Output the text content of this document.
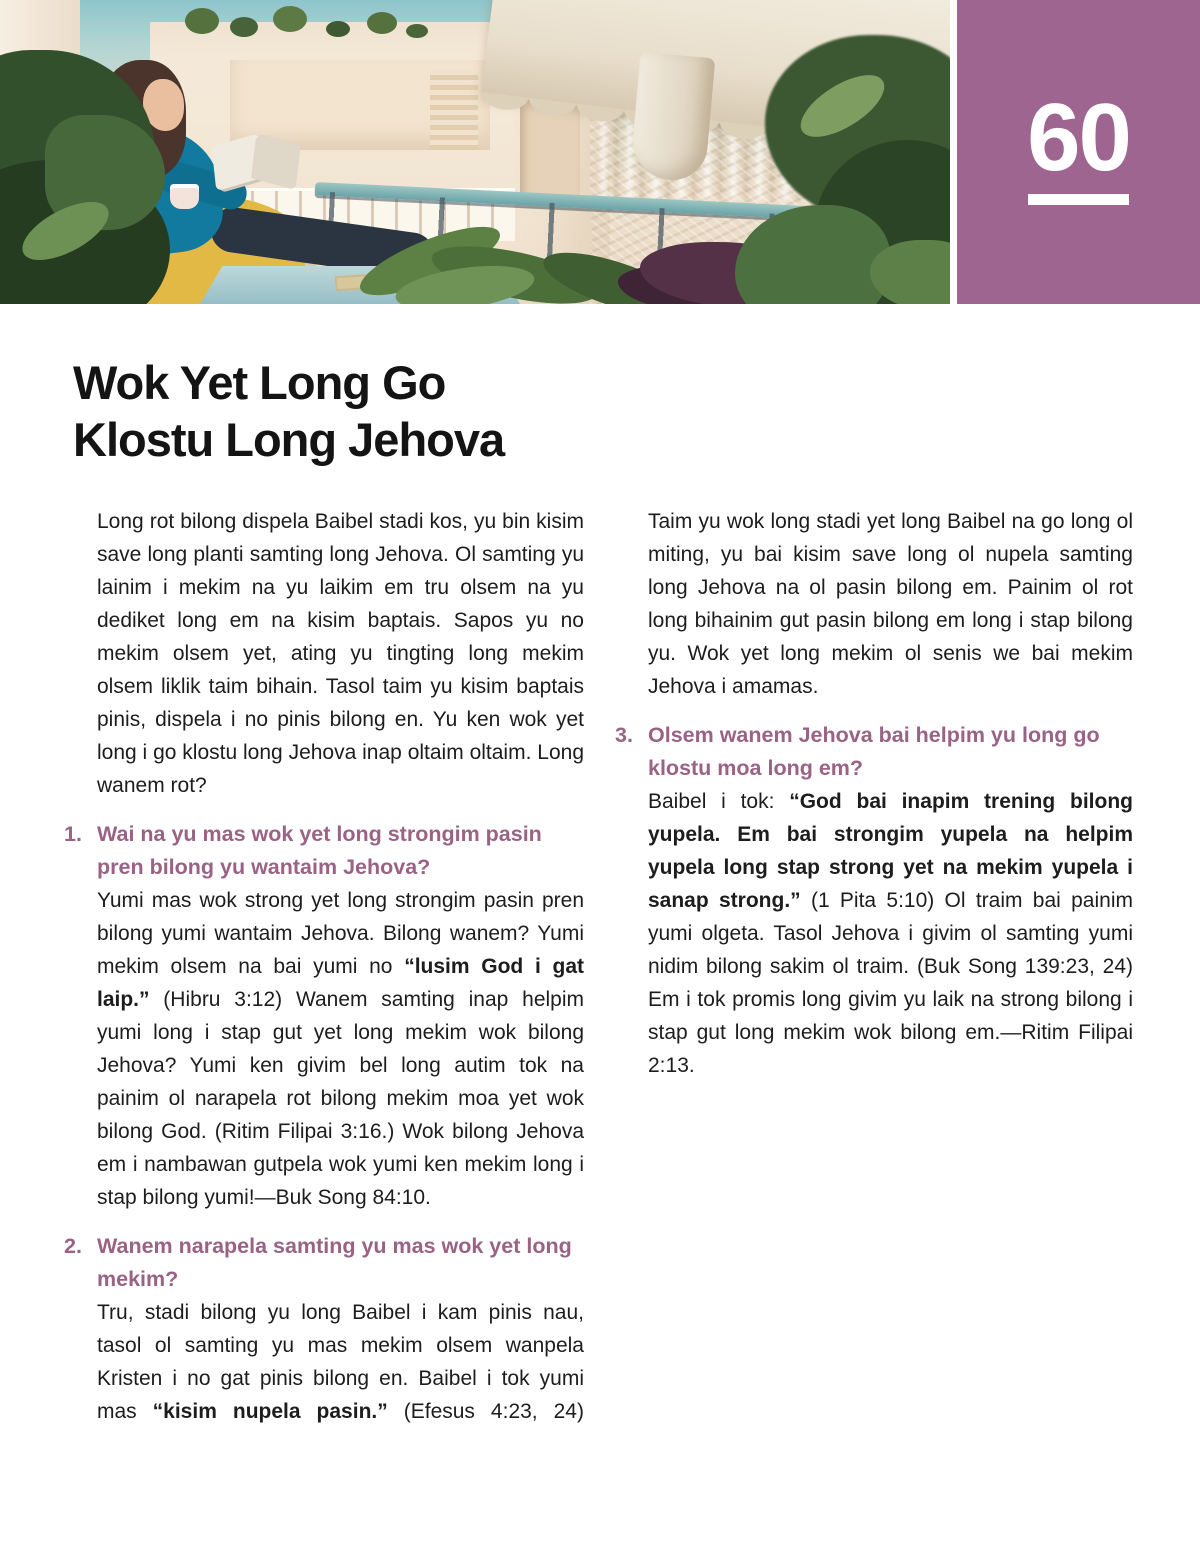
60
Wok Yet Long Go
Klostu Long Jehova

Long rot bilong dispela Baibel stadi kos, yu bin kisim save long planti samting long Jehova. Ol samting yu lainim i mekim na yu laikim em tru olsem na yu dediket long em na kisim baptais. Sapos yu no mekim olsem yet, ating yu tingting long mekim olsem liklik taim bihain. Tasol taim yu kisim baptais pinis, dispela i no pinis bilong en. Yu ken wok yet long i go klostu long Jehova inap oltaim oltaim. Long wanem rot?

1. Wai na yu mas wok yet long strongim pasin pren bilong yu wantaim Jehova?

Yumi mas wok strong yet long strongim pasin pren bilong yumi wantaim Jehova. Bilong wanem? Yumi mekim olsem na bai yumi no “lusim God i gat laip.” (Hibru 3:12) Wanem samting inap helpim yumi long i stap gut yet long mekim wok bilong Jehova? Yumi ken givim bel long autim tok na painim ol narapela rot bilong mekim moa yet wok bilong God. (Ritim Filipai 3:16.) Wok bilong Jehova em i nambawan gutpela wok yumi ken mekim long i stap bilong yumi!—Buk Song 84:10.

2. Wanem narapela samting yu mas wok yet long mekim?

Tru, stadi bilong yu long Baibel i kam pinis nau, tasol ol samting yu mas mekim olsem wanpela Kristen i no gat pinis bilong en. Baibel i tok yumi mas “kisim nupela pasin.” (Efesus 4:23, 24)

Taim yu wok long stadi yet long Baibel na go long ol miting, yu bai kisim save long ol nupela samting long Jehova na ol pasin bilong em. Painim ol rot long bihainim gut pasin bilong em long i stap bilong yu. Wok yet long mekim ol senis we bai mekim Jehova i amamas.

3. Olsem wanem Jehova bai helpim yu long go klostu moa long em?

Baibel i tok: “God bai inapim trening bilong yupela. Em bai strongim yupela na helpim yupela long stap strong yet na mekim yupela i sanap strong.” (1 Pita 5:10) Ol traim bai painim yumi olgeta. Tasol Jehova i givim ol samting yumi nidim bilong sakim ol traim. (Buk Song 139:23, 24) Em i tok promis long givim yu laik na strong bilong i stap gut long mekim wok bilong em.—Ritim Filipai 2:13.
